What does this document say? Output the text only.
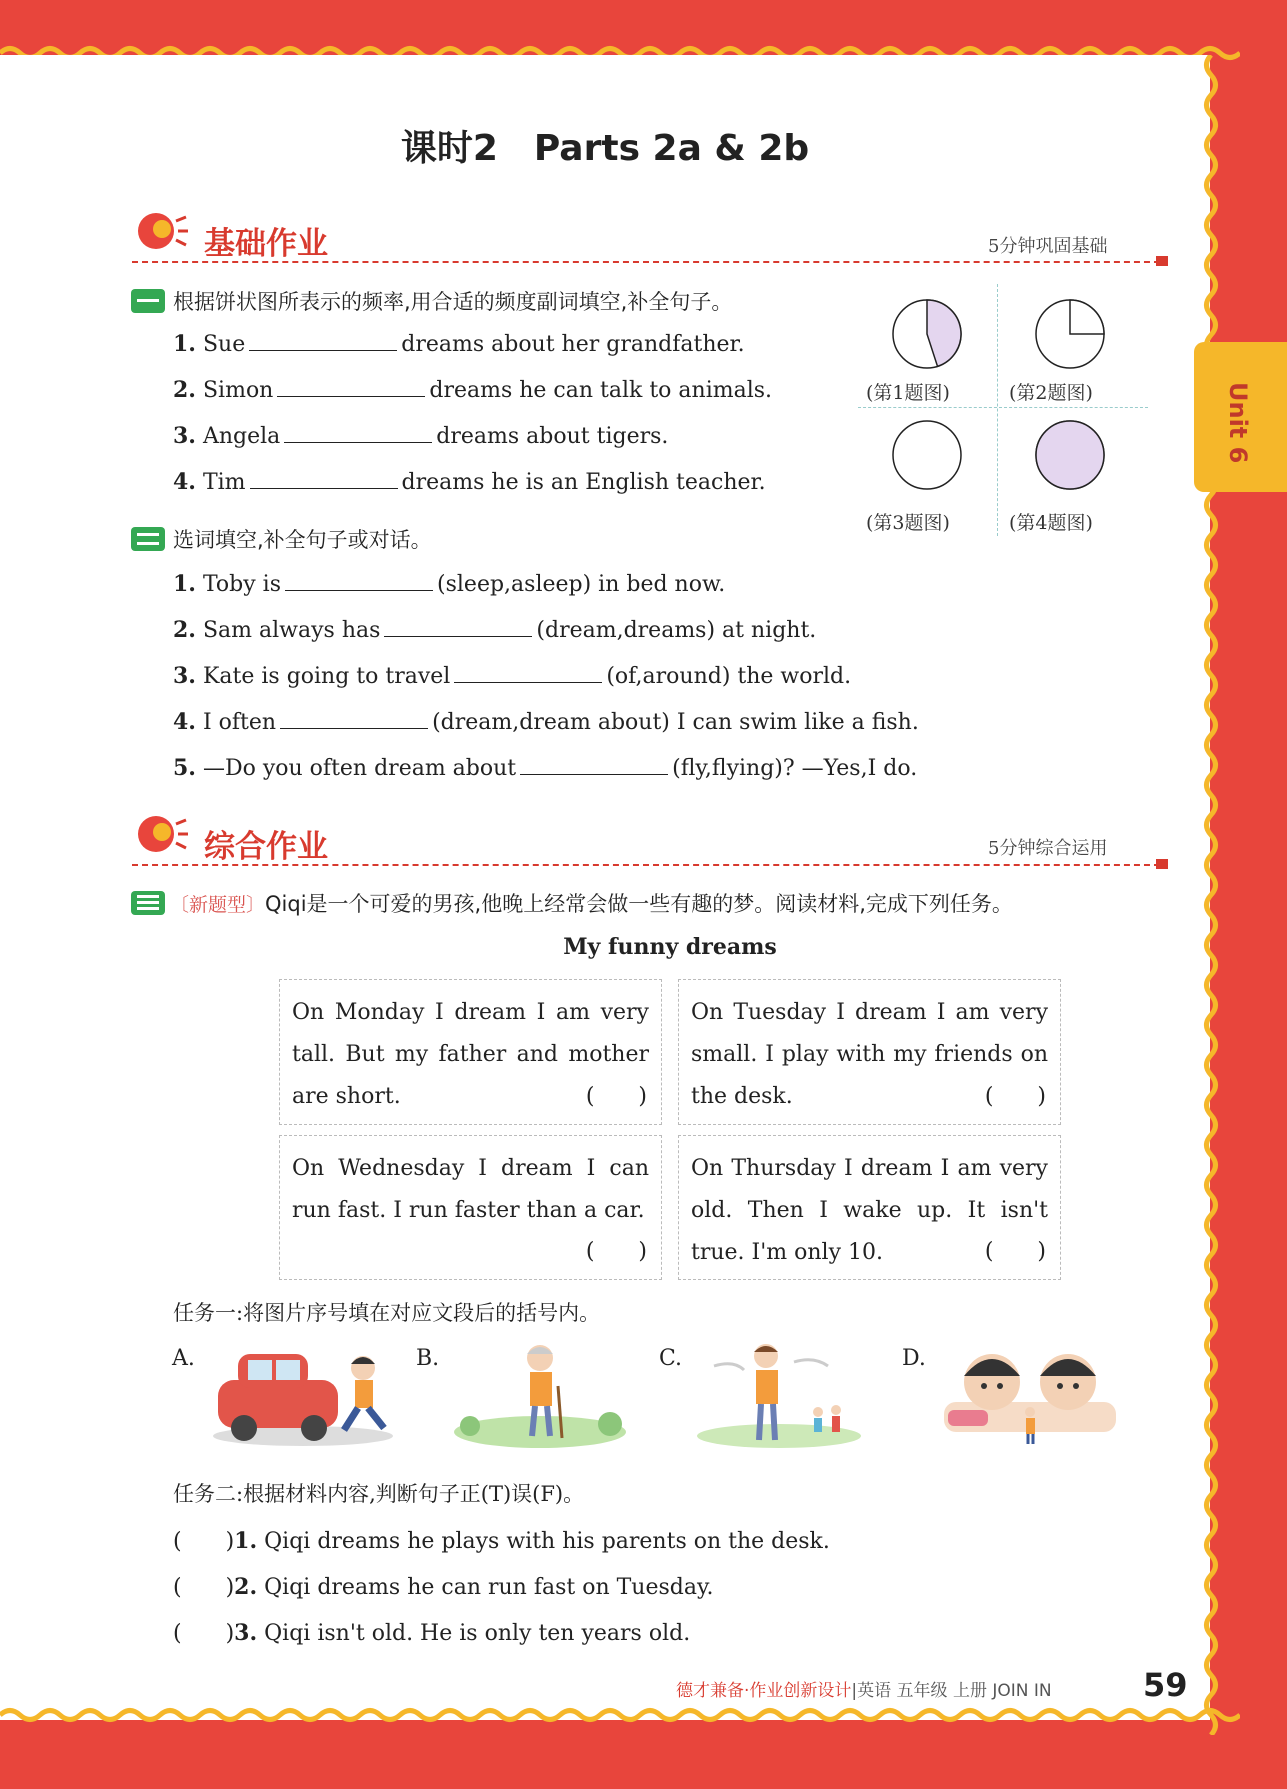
Unit 6
课时2 Parts 2a & 2b
基础作业	5分钟巩固基础
根据饼状图所表示的频率,用合适的频度副词填空,补全句子。
1. Sue	dreams about her grandfather.
2. Simon	dreams he can talk to animals.
3. Angela	dreams about tigers.
4. Tim	dreams he is an English teacher.
(第1题图)	(第2题图)
(第3题图)	(第4题图)
选词填空,补全句子或对话。
1. Toby is	(sleep,asleep) in bed now.
2. Sam always has	(dream,dreams) at night.
3. Kate is going to travel	(of,around) the world.
4. I often	(dream,dream about) I can swim like a fish.
5. —Do you often dream about	(fly,flying)? —Yes,I do.
综合作业	5分钟综合运用
〔新题型〕Qiqi是一个可爱的男孩,他晚上经常会做一些有趣的梦。阅读材料,完成下列任务。
My funny dreams
On Monday I dream I am very tall. But my father and mother are short.	(　　)
On Tuesday I dream I am very small. I play with my friends on the desk.	(　　)
On Wednesday I dream I can run fast. I run faster than a car.
(　　)
On Thursday I dream I am very old. Then I wake up. It isn't true. I'm only 10.	(　　)
任务一:将图片序号填在对应文段后的括号内。
A.	B.	C.	D.
任务二:根据材料内容,判断句子正(T)误(F)。
(　　)1. Qiqi dreams he plays with his parents on the desk.
(　　)2. Qiqi dreams he can run fast on Tuesday.
(　　)3. Qiqi isn't old. He is only ten years old.
德才兼备·作业创新设计|英语 五年级 上册 JOIN IN	59
